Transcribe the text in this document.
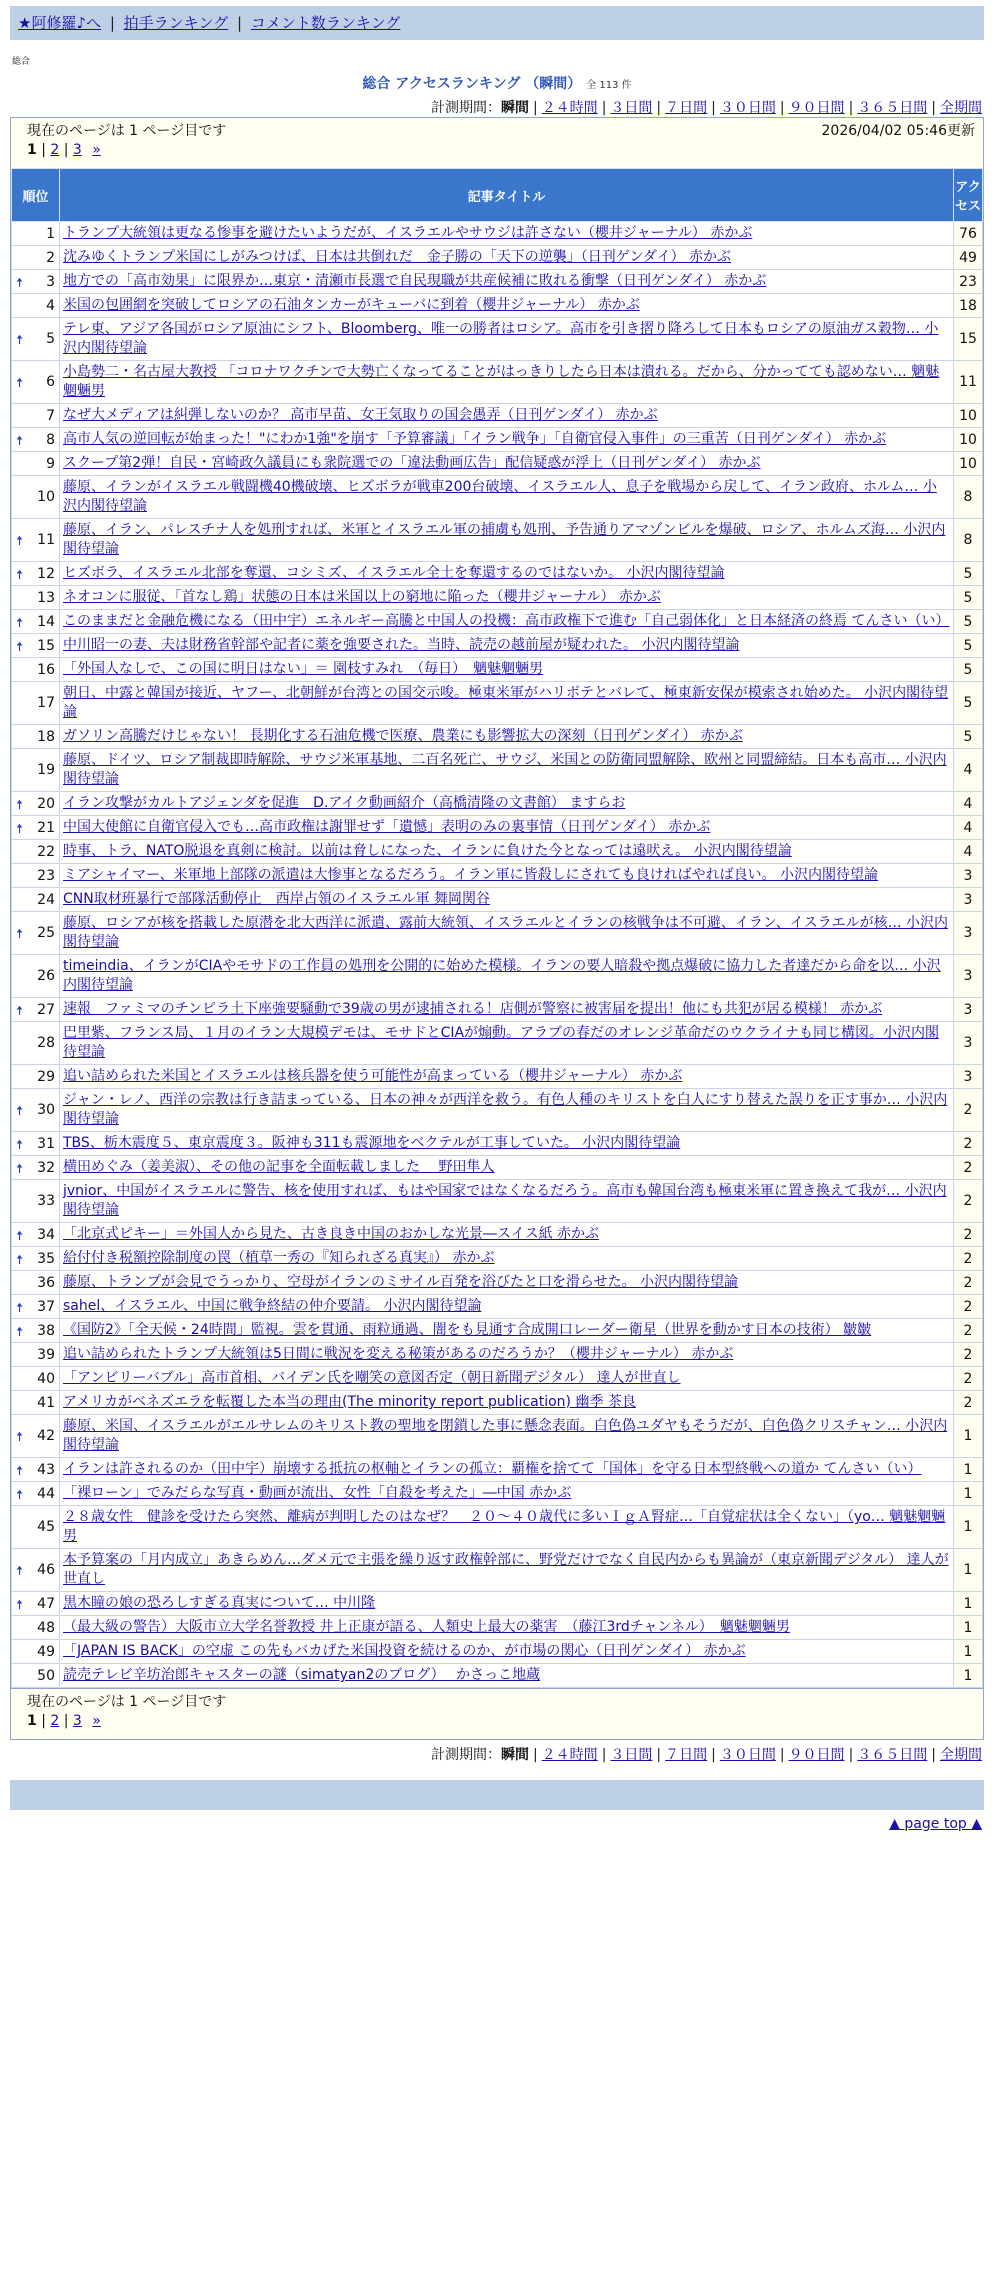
★阿修羅♪へ | 拍手ランキング | コメント数ランキング
総合
総合 アクセスランキング （瞬間） 全 113 件
計測期間：瞬間 | ２４時間 | ３日間 | ７日間 | ３０日間 | ９０日間 | ３６５日間 | 全期間
現在のページは 1 ページ目です	2026/04/02 05:46更新
1 | 2 | 3 »
順位	記事タイトル	アクセス
1	トランプ大統領は更なる惨事を避けたいようだが、イスラエルやサウジは許さない（櫻井ジャーナル） 赤かぶ	76
2	沈みゆくトランプ米国にしがみつけば、日本は共倒れだ　金子勝の「天下の逆襲」（日刊ゲンダイ） 赤かぶ	49

🠅 3	地方での「高市効果」に限界か…東京・清瀬市長選で自民現職が共産候補に敗れる衝撃（日刊ゲンダイ） 赤かぶ	23
4	米国の包囲網を突破してロシアの石油タンカーがキューバに到着（櫻井ジャーナル） 赤かぶ	18

🠅 5	テレ東、アジア各国がロシア原油にシフト、Bloomberg、唯一の勝者はロシア。高市を引き摺り降ろして日本もロシアの原油ガス穀物… 小沢内閣待望論	15

🠅 6	小島勢二・名古屋大教授 「コロナワクチンで大勢亡くなってることがはっきりしたら日本は潰れる。だから、分かってても認めない… 魑魅魍魎男	11
7	なぜ大メディアは糾弾しないのか？ 高市早苗、女王気取りの国会愚弄（日刊ゲンダイ） 赤かぶ	10

🠅 8	高市人気の逆回転が始まった！"にわか1強"を崩す「予算審議」「イラン戦争」「自衛官侵入事件」の三重苦（日刊ゲンダイ） 赤かぶ	10
9	スクープ第2弾！自民・宮崎政久議員にも衆院選での「違法動画広告」配信疑惑が浮上（日刊ゲンダイ） 赤かぶ	10
10	藤原、イランがイスラエル戦闘機40機破壊、ヒズボラが戦車200台破壊、イスラエル人、息子を戦場から戻して、イラン政府、ホルム… 小沢内閣待望論	8

🠅 11	藤原、イラン、パレスチナ人を処刑すれば、米軍とイスラエル軍の捕虜も処刑、予告通りアマゾンビルを爆破、ロシア、ホルムズ海… 小沢内閣待望論	8

🠅 12	ヒズボラ、イスラエル北部を奪還、コシミズ、イスラエル全土を奪還するのではないか。 小沢内閣待望論	5
13	ネオコンに服従、「首なし鶏」状態の日本は米国以上の窮地に陥った（櫻井ジャーナル） 赤かぶ	5

🠅 14	このままだと金融危機になる（田中宇）エネルギー高騰と中国人の投機：高市政権下で進む「自己弱体化」と日本経済の終焉 てんさい（い）	5

🠅 15	中川昭一の妻、夫は財務省幹部や記者に薬を強要された。当時、読売の越前屋が疑われた。 小沢内閣待望論	5
16	「外国人なしで、この国に明日はない」＝ 園枝すみれ　（毎日）　魑魅魍魎男	5
17	朝日、中露と韓国が接近、ヤフー、北朝鮮が台湾との国交示唆。極東米軍がハリボテとバレて、極東新安保が模索され始めた。 小沢内閣待望論	5
18	ガソリン高騰だけじゃない！ 長期化する石油危機で医療、農業にも影響拡大の深刻（日刊ゲンダイ） 赤かぶ	5
19	藤原、ドイツ、ロシア制裁即時解除、サウジ米軍基地、二百名死亡、サウジ、米国との防衛同盟解除、欧州と同盟締結。日本も高市… 小沢内閣待望論	4

🠅 20	イラン攻撃がカルトアジェンダを促進　D.アイク動画紹介（高橋清隆の文書館） ますらお	4

🠅 21	中国大使館に自衛官侵入でも…高市政権は謝罪せず「遺憾」表明のみの裏事情（日刊ゲンダイ） 赤かぶ	4
22	時事、トラ、NATO脱退を真剣に検討。以前は脅しになった、イランに負けた今となっては遠吠え。 小沢内閣待望論	4
23	ミアシャイマー、米軍地上部隊の派遣は大惨事となるだろう。イラン軍に皆殺しにされても良ければやれば良い。 小沢内閣待望論	3
24	CNN取材班暴行で部隊活動停止　西岸占領のイスラエル軍 舞岡関谷	3

🠅 25	藤原、ロシアが核を搭載した原潜を北大西洋に派遣、露前大統領、イスラエルとイランの核戦争は不可避、イラン、イスラエルが核… 小沢内閣待望論	3
26	timeindia、イランがCIAやモサドの工作員の処刑を公開的に始めた模様。イランの要人暗殺や拠点爆破に協力した者達だから命を以… 小沢内閣待望論	3

🠅 27	速報　ファミマのチンピラ土下座強要騒動で39歳の男が逮捕される！店側が警察に被害届を提出！他にも共犯が居る模様！ 赤かぶ	3
28	巴里紫、フランス局、１月のイラン大規模デモは、モサドとCIAが煽動。アラブの春だのオレンジ革命だのウクライナも同じ構図。小沢内閣待望論	3
29	追い詰められた米国とイスラエルは核兵器を使う可能性が高まっている（櫻井ジャーナル） 赤かぶ	3

🠅 30	ジャン・レノ、西洋の宗教は行き詰まっている、日本の神々が西洋を救う。有色人種のキリストを白人にすり替えた誤りを正す事か… 小沢内閣待望論	2

🠅 31	TBS、栃木震度５、東京震度３。阪神も311も震源地をベクテルが工事していた。 小沢内閣待望論	2

🠅 32	横田めぐみ（姜美淑）、その他の記事を全面転載しました　 野田隼人	2
33	jvnior、中国がイスラエルに警告、核を使用すれば、もはや国家ではなくなるだろう。高市も韓国台湾も極東米軍に置き換えて我が… 小沢内閣待望論	2

🠅 34	「北京式ピキー」＝外国人から見た、古き良き中国のおかしな光景―スイス紙 赤かぶ	2

🠅 35	給付付き税額控除制度の罠（植草一秀の『知られざる真実』） 赤かぶ	2
36	藤原、トランプが会見でうっかり、空母がイランのミサイル百発を浴びたと口を滑らせた。 小沢内閣待望論	2

🠅 37	sahel、イスラエル、中国に戦争終結の仲介要請。 小沢内閣待望論	2

🠅 38	《国防2》「全天候・24時間」監視。雲を貫通、雨粒通過、闇をも見通す合成開口レーダー衛星（世界を動かす日本の技術） 皺皺	2
39	追い詰められたトランプ大統領は5日間に戦況を変える秘策があるのだろうか？（櫻井ジャーナル） 赤かぶ	2
40	「アンビリーバブル」高市首相、バイデン氏を嘲笑の意図否定（朝日新聞デジタル） 達人が世直し	2
41	アメリカがベネズエラを転覆した本当の理由(The minority report publication) 幽季 茶良	2

🠅 42	藤原、米国、イスラエルがエルサレムのキリスト教の聖地を閉鎖した事に懸念表面。白色偽ユダヤもそうだが、白色偽クリスチャン… 小沢内閣待望論	1

🠅 43	イランは許されるのか（田中宇）崩壊する抵抗の枢軸とイランの孤立：覇権を捨てて「国体」を守る日本型終戦への道か てんさい（い）	1

🠅 44	「裸ローン」でみだらな写真・動画が流出、女性「自殺を考えた」―中国 赤かぶ	1
45	２８歳女性　健診を受けたら突然、離病が判明したのはなぜ？　２０～４０歳代に多いＩｇＡ腎症…「自覚症状は全くない」（yo… 魑魅魍魎男	1

🠅 46	本予算案の「月内成立」あきらめん…ダメ元で主張を繰り返す政権幹部に、野党だけでなく自民内からも異論が（東京新聞デジタル） 達人が世直し	1

🠅 47	黒木瞳の娘の恐ろしすぎる真実について… 中川隆	1
48	（最大級の警告）大阪市立大学名誉教授 井上正康が語る、人類史上最大の薬害　（藤江3rdチャンネル）　魑魅魍魎男	1
49	「JAPAN IS BACK」の空虚 この先もバカげた米国投資を続けるのか、が市場の関心（日刊ゲンダイ） 赤かぶ	1
50	読売テレビ辛坊治郎キャスターの謎（simatyan2のブログ）　 かさっこ地蔵	1
現在のページは 1 ページ目です
1 | 2 | 3 »
計測期間：瞬間 | ２４時間 | ３日間 | ７日間 | ３０日間 | ９０日間 | ３６５日間 | 全期間
▲ page top ▲
